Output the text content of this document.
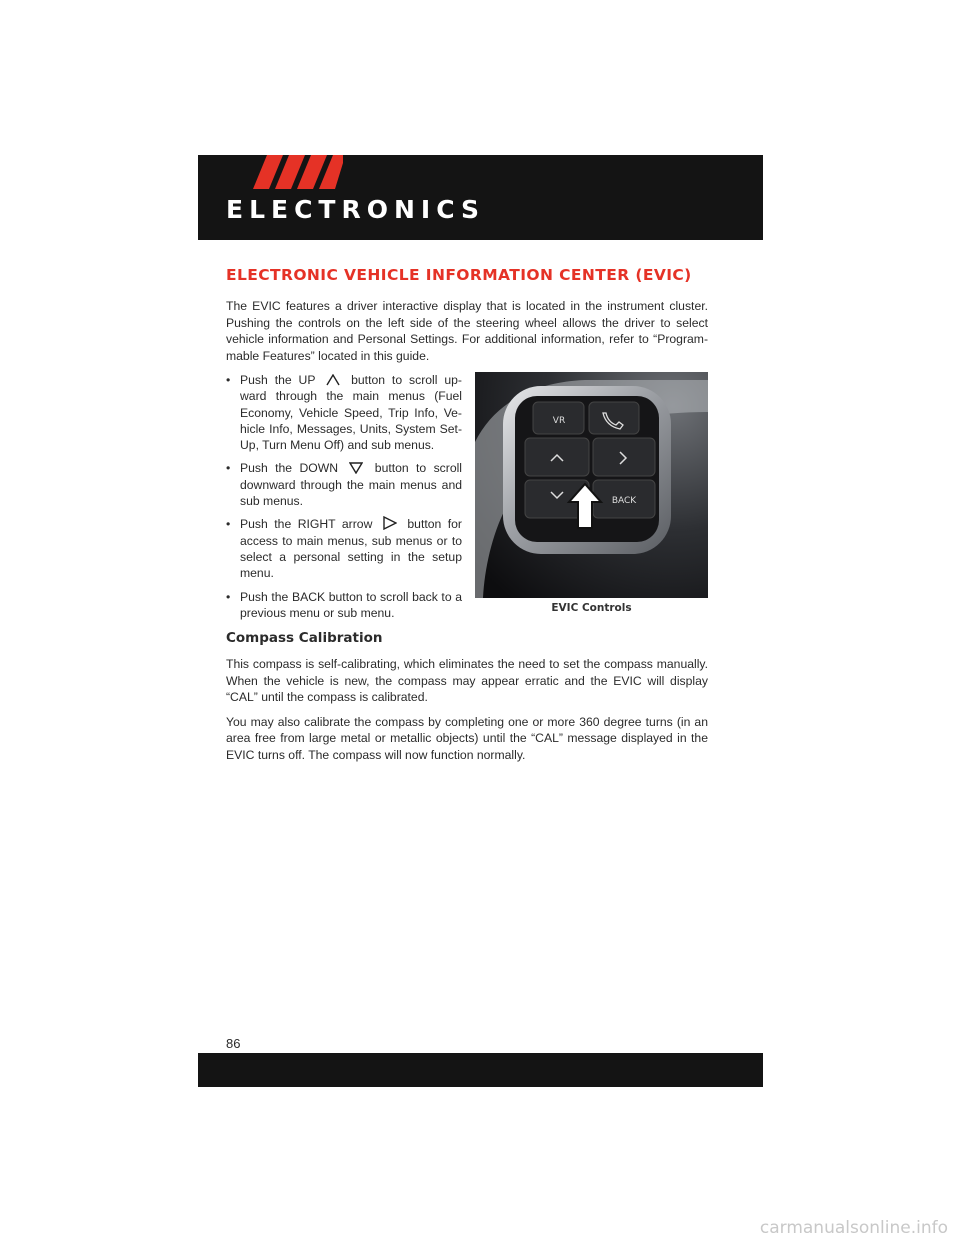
ELECTRONICS
ELECTRONIC VEHICLE INFORMATION CENTER (EVIC)

The EVIC features a driver interactive display that is located in the instrument cluster. Pushing the controls on the left side of the steering wheel allows the driver to select vehicle information and Personal Settings. For additional information, refer to “Program-mable Features” located in this guide.

• Push the UP	button to scroll up-ward through the main menus (Fuel Economy, Vehicle Speed, Trip Info, Ve-hicle Info, Messages, Units, System Set-Up, Turn Menu Off) and sub menus.
• Push the DOWN	button to scroll downward through the main menus and sub menus.
• Push the RIGHT arrow	button for access to main menus, sub menus or to select a personal setting in the setup menu.
• Push the BACK button to scroll back to a previous menu or sub menu.
VR
BACK
EVIC Controls
Compass Calibration

This compass is self-calibrating, which eliminates the need to set the compass manually. When the vehicle is new, the compass may appear erratic and the EVIC will display “CAL” until the compass is calibrated.

You may also calibrate the compass by completing one or more 360 degree turns (in an area free from large metal or metallic objects) until the “CAL” message displayed in the EVIC turns off. The compass will now function normally.

86
carmanualsonline.info
